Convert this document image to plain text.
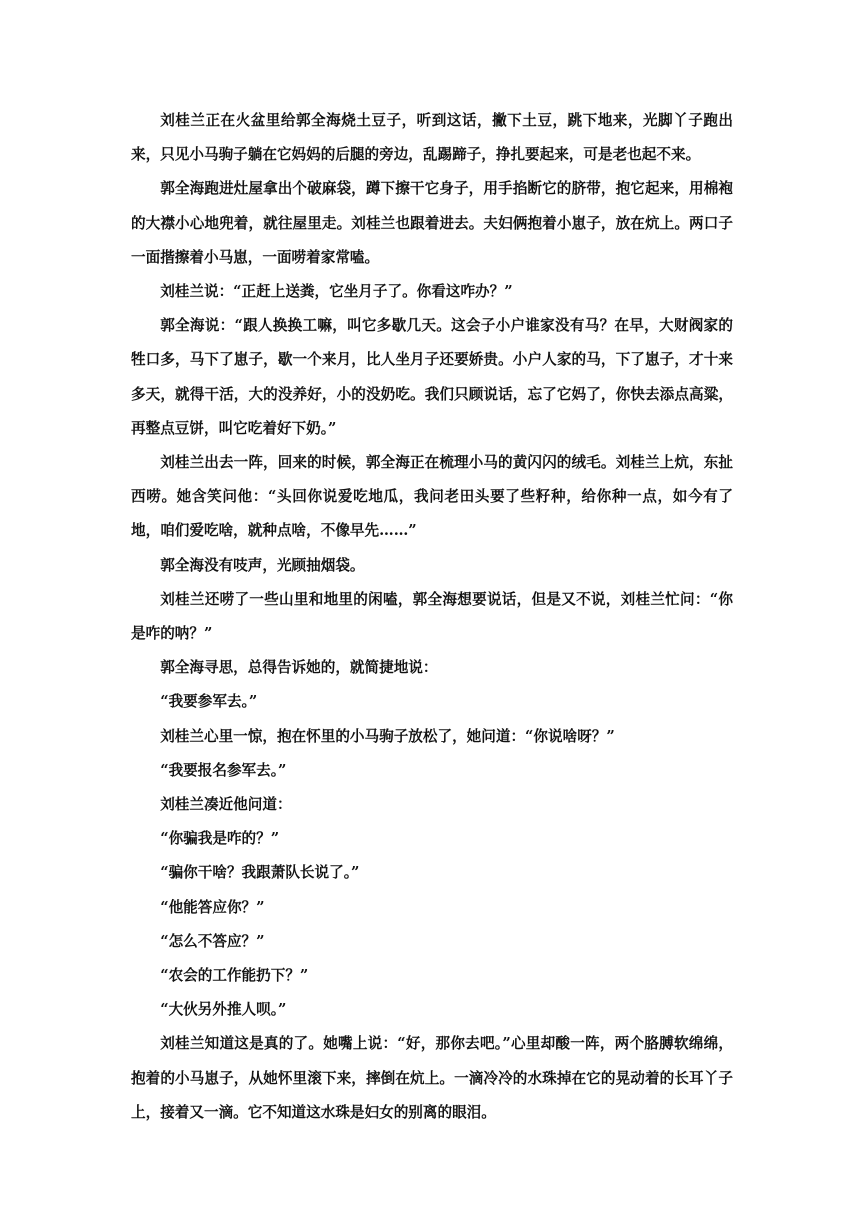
刘桂兰正在火盆里给郭全海烧土豆子，听到这话，撇下土豆，跳下地来，光脚丫子跑出来，只见小马驹子躺在它妈妈的后腿的旁边，乱踢蹄子，挣扎要起来，可是老也起不来。

郭全海跑进灶屋拿出个破麻袋，蹲下擦干它身子，用手掐断它的脐带，抱它起来，用棉袍的大襟小心地兜着，就往屋里走。刘桂兰也跟着进去。夫妇俩抱着小崽子，放在炕上。两口子一面揩擦着小马崽，一面唠着家常嗑。

刘桂兰说：“正赶上送粪，它坐月子了。你看这咋办？”

郭全海说：“跟人换换工嘛，叫它多歇几天。这会子小户谁家没有马？在早，大财阀家的牲口多，马下了崽子，歇一个来月，比人坐月子还要娇贵。小户人家的马，下了崽子，才十来多天，就得干活，大的没养好，小的没奶吃。我们只顾说话，忘了它妈了，你快去添点高粱，再整点豆饼，叫它吃着好下奶。”

刘桂兰出去一阵，回来的时候，郭全海正在梳理小马的黄闪闪的绒毛。刘桂兰上炕，东扯西唠。她含笑问他：“头回你说爱吃地瓜，我问老田头要了些籽种，给你种一点，如今有了地，咱们爱吃啥，就种点啥，不像早先……”

郭全海没有吱声，光顾抽烟袋。

刘桂兰还唠了一些山里和地里的闲嗑，郭全海想要说话，但是又不说，刘桂兰忙问：“你是咋的呐？”

郭全海寻思，总得告诉她的，就简捷地说：

“我要参军去。”

刘桂兰心里一惊，抱在怀里的小马驹子放松了，她问道：“你说啥呀？”

“我要报名参军去。”

刘桂兰凑近他问道：

“你骗我是咋的？”

“骗你干啥？我跟萧队长说了。”

“他能答应你？”

“怎么不答应？”

“农会的工作能扔下？”

“大伙另外推人呗。”

刘桂兰知道这是真的了。她嘴上说：“好，那你去吧。”心里却酸一阵，两个胳膊软绵绵，抱着的小马崽子，从她怀里滚下来，摔倒在炕上。一滴冷冷的水珠掉在它的晃动着的长耳丫子上，接着又一滴。它不知道这水珠是妇女的别离的眼泪。
